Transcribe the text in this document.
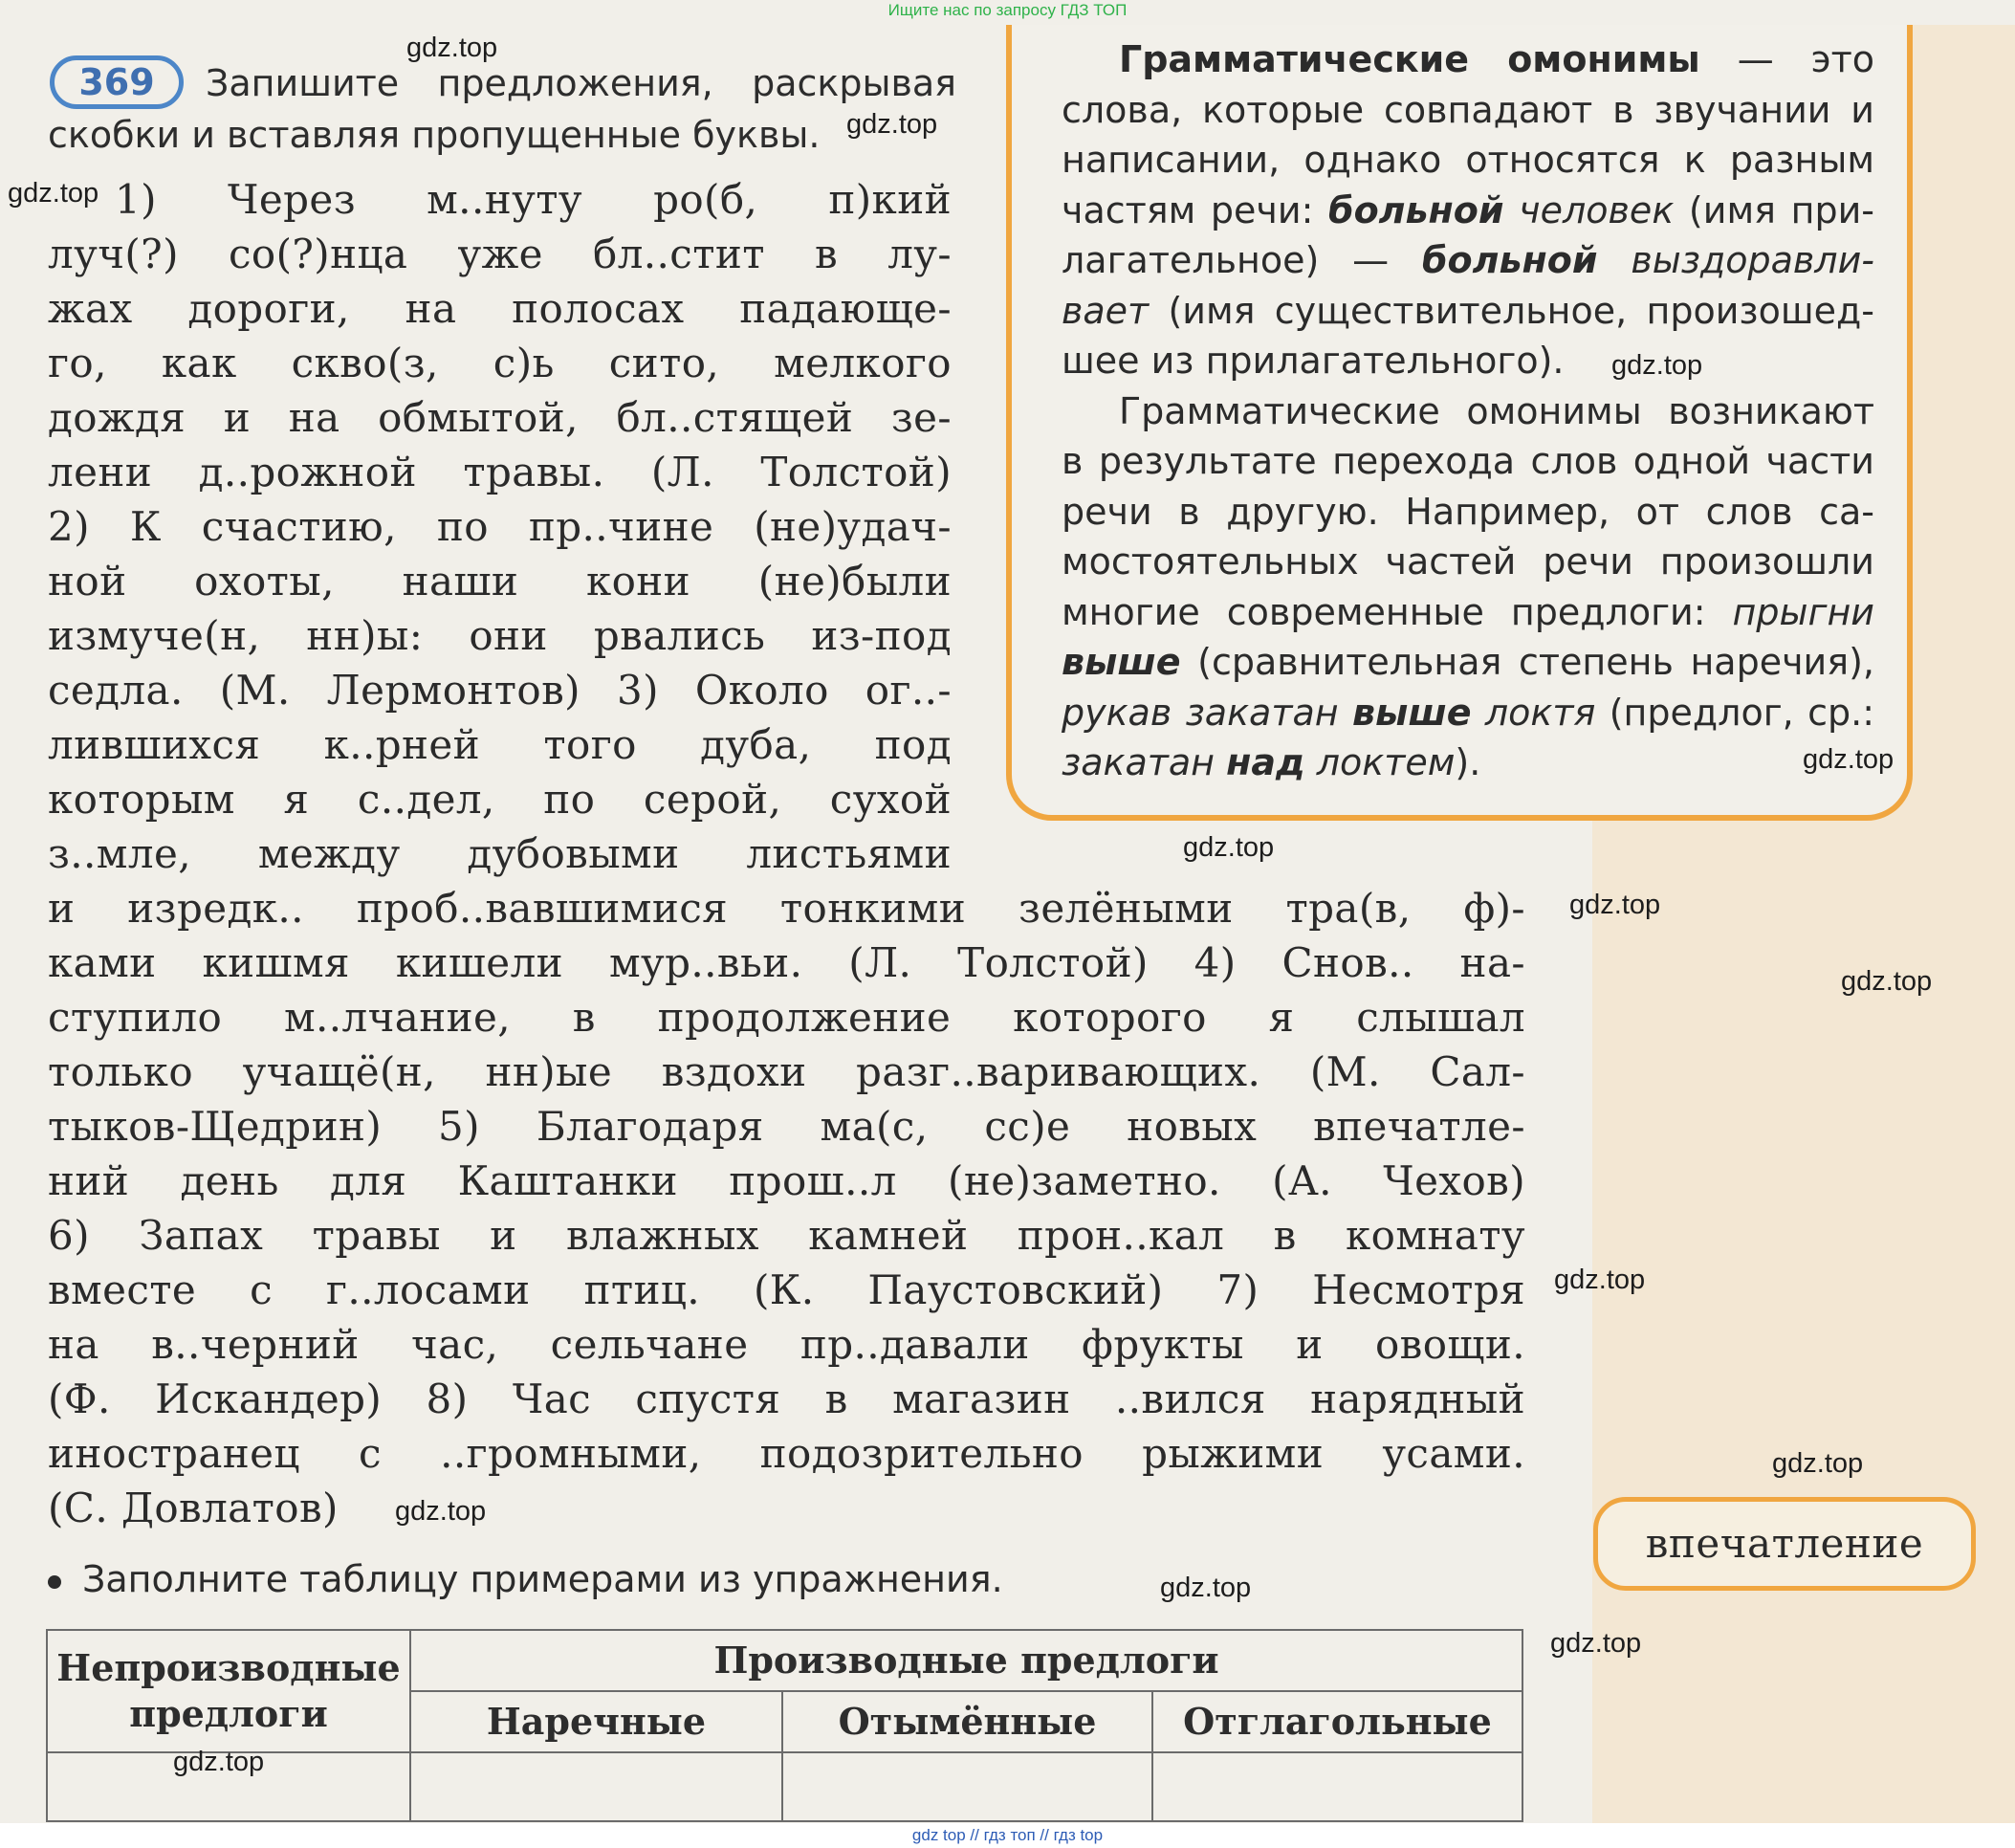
Ищите нас по запросу ГДЗ ТОП
Грамматические омонимы — это
слова, которые совпадают в звучании и
написании, однако относятся к разным
частям речи: больной человек (имя при-
лагательное) — больной выздоравли-
вает (имя существительное, произошед-
шее из прилагательного).
Грамматические омонимы возникают
в результате перехода слов одной части
речи в другую. Например, от слов са-
мостоятельных частей речи произошли
многие современные предлоги: прыгни
выше (сравнительная степень наречия),
рукав закатан выше локтя (предлог, ср.:
закатан над локтем).
369	Запишите предложения, раскрывая скобки и вставляя пропущенные буквы.
1) Через м..нуту ро(б, п)кий
луч(?) со(?)нца уже бл..стит в лу-
жах дороги, на полосах падающе-
го, как скво(з, с)ь сито, мелкого
дождя и на обмытой, бл..стящей зе-
лени д..рожной травы. (Л. Толстой)
2) К счастию, по пр..чине (не)удач-
ной охоты, наши кони (не)были
измуче(н, нн)ы: они рвались из-под
седла. (М. Лермонтов) 3) Около ог..-
лившихся к..рней того дуба, под
которым я с..дел, по серой, сухой
з..мле, между дубовыми листьями
и изредк.. проб..вавшимися тонкими зелёными тра(в, ф)-
ками кишмя кишели мур..вьи. (Л. Толстой) 4) Снов.. на-
ступило м..лчание, в продолжение которого я слышал
только учащё(н, нн)ые вздохи разг..варивающих. (М. Сал-
тыков-Щедрин) 5) Благодаря ма(с, сс)е новых впечатле-
ний день для Каштанки прош..л (не)заметно. (А. Чехов)
6) Запах травы и влажных камней прон..кал в комнату
вместе с г..лосами птиц. (К. Паустовский) 7) Несмотря
на в..черний час, сельчане пр..давали фрукты и овощи.
(Ф. Искандер) 8) Час спустя в магазин ..вился нарядный
иностранец с ..громными, подозрительно рыжими усами.
(С. Довлатов)
впечатление
Заполните таблицу примерами из упражнения.
Непроизводные предлоги	Производные предлоги		
	Наречные	Отымённые	Отглагольные

gdz.top
gdz.top
gdz.top
gdz.top
gdz.top
gdz.top
gdz.top
gdz.top
gdz.top
gdz.top
gdz.top
gdz.top
gdz.top
gdz.top
gdz top // гдз топ // гдз top
